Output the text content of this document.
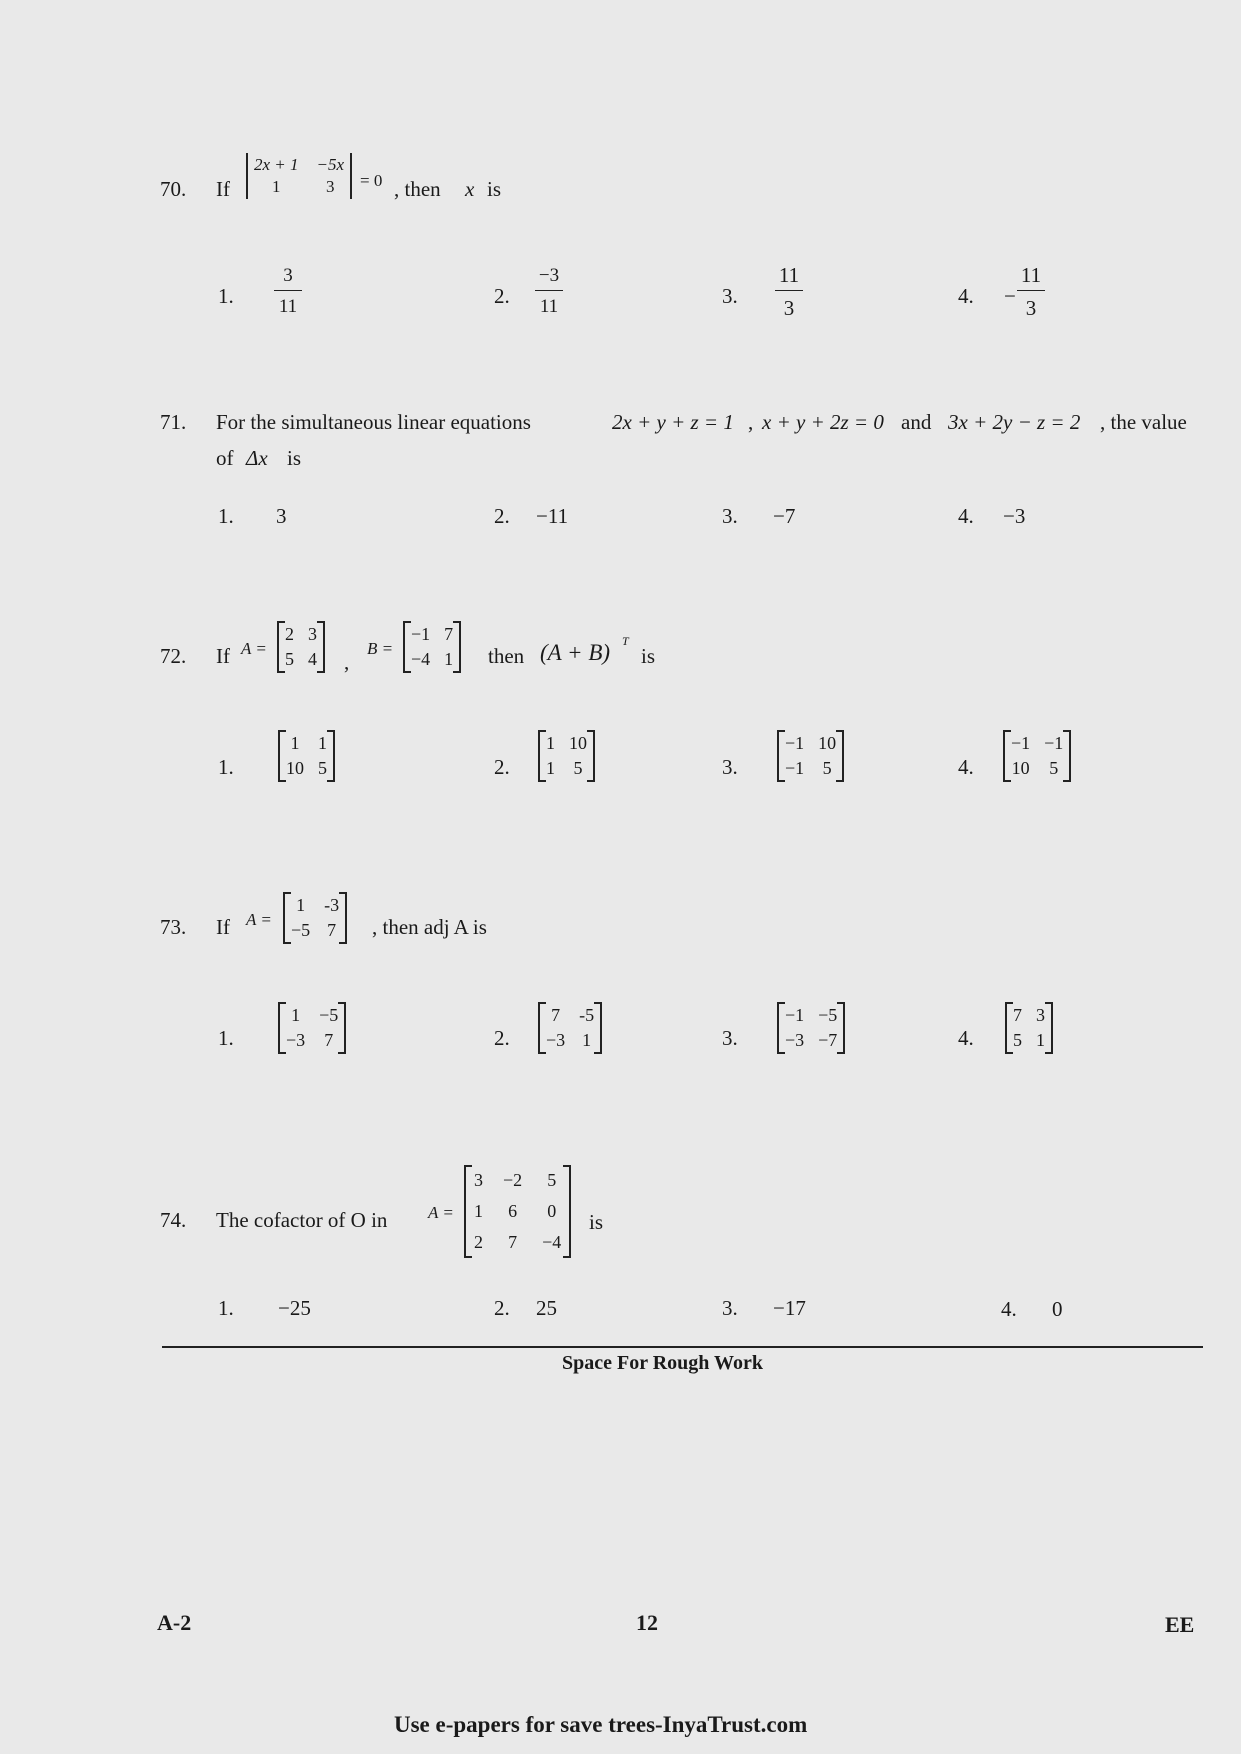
70. If
2x + 1 −5x
1	3	= 0 , then x is
1. $\frac{3}{11}$	2. $\frac{-3}{11}$	3. $\frac{11}{3}$	4. − $\frac{11}{3}$
71. For the simultaneous linear equations	2x + y + z = 1 , x + y + 2z = 0 and 3x + 2y − z = 2 , the value
of Δx is
1. 3	2. −11	3. −7	4. −3
72. If A =
2 3
5 4 ,
B =
−1 7
−4 1 then (A + B) T
is
1.
1 1
10 5	2.
1 10
1 5	3.
−1 10
−1 5	4.
−1 −1
10 5
73. If A =
1 -3
−5 7 , then adj A is
1.
1 −5
−3 7	2.
7 -5
−3 1	3.
−1 −5
−3 −7	4.
7 3
5 1
74. The cofactor of O in A =
3 −2 5
1 6 0
2 7 −4
is
1. −25	2. 25	3. −17	4. 0
Space For Rough Work
A-2	12	EE
Use e-papers for save trees-InyaTrust.com
